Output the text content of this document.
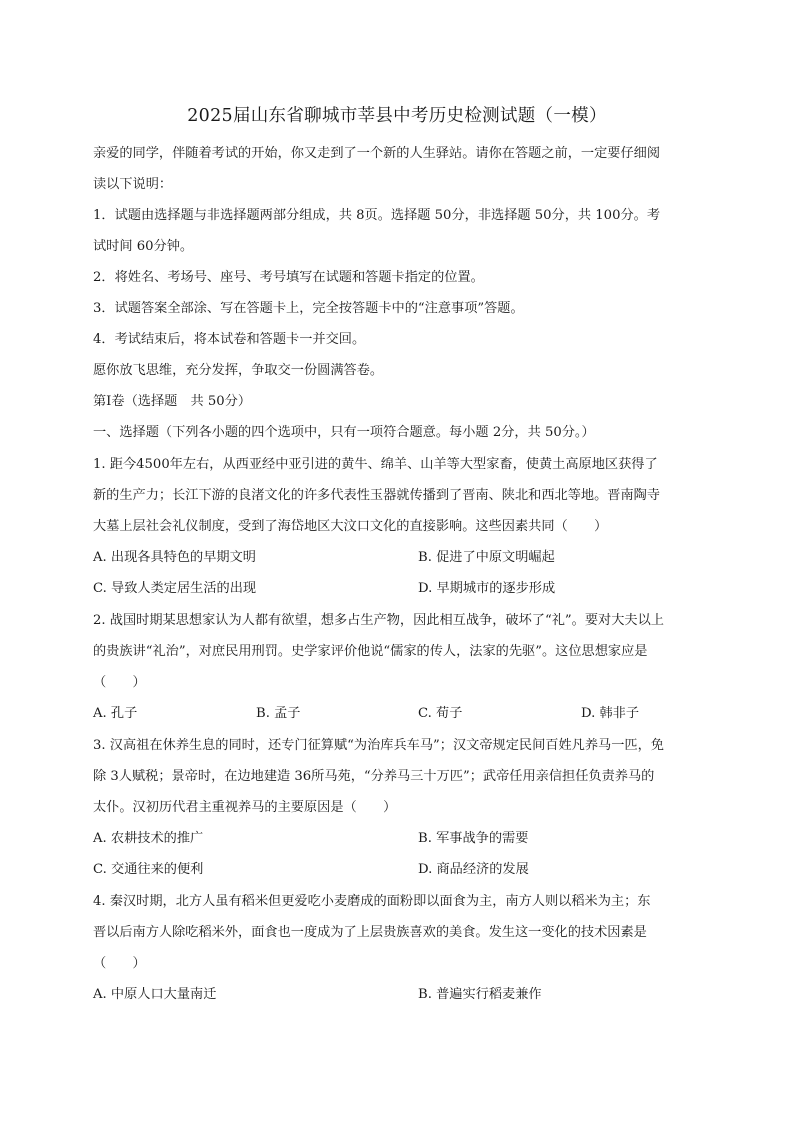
2025届山东省聊城市莘县中考历史检测试题（一模）
亲爱的同学，伴随着考试的开始，你又走到了一个新的人生驿站。请你在答题之前，一定要仔细阅
读以下说明：
1．试题由选择题与非选择题两部分组成，共 8页。选择题 50分，非选择题 50分，共 100分。考
试时间 60分钟。
2．将姓名、考场号、座号、考号填写在试题和答题卡指定的位置。
3．试题答案全部涂、写在答题卡上，完全按答题卡中的“注意事项”答题。
4．考试结束后，将本试卷和答题卡一并交回。
愿你放飞思维，充分发挥，争取交一份圆满答卷。
第Ⅰ卷（选择题　共 50分）
一、选择题（下列各小题的四个选项中，只有一项符合题意。每小题 2分，共 50分。）
1. 距今4500年左右，从西亚经中亚引进的黄牛、绵羊、山羊等大型家畜，使黄土高原地区获得了
新的生产力；长江下游的良渚文化的许多代表性玉器就传播到了晋南、陕北和西北等地。晋南陶寺
大墓上层社会礼仪制度，受到了海岱地区大汶口文化的直接影响。这些因素共同（　　）
A. 出现各具特色的早期文明	B. 促进了中原文明崛起
C. 导致人类定居生活的出现	D. 早期城市的逐步形成
2. 战国时期某思想家认为人都有欲望，想多占生产物，因此相互战争，破坏了“礼”。要对大夫以上
的贵族讲“礼治”，对庶民用刑罚。史学家评价他说“儒家的传人，法家的先驱”。这位思想家应是
（　　）
A. 孔子	B. 孟子	C. 荀子	D. 韩非子
3. 汉高祖在休养生息的同时，还专门征算赋“为治库兵车马”；汉文帝规定民间百姓凡养马一匹，免
除 3人赋税；景帝时，在边地建造 36所马苑，“分养马三十万匹”；武帝任用亲信担任负责养马的
太仆。汉初历代君主重视养马的主要原因是（　　）
A. 农耕技术的推广	B. 军事战争的需要
C. 交通往来的便利	D. 商品经济的发展
4. 秦汉时期，北方人虽有稻米但更爱吃小麦磨成的面粉即以面食为主，南方人则以稻米为主；东
晋以后南方人除吃稻米外，面食也一度成为了上层贵族喜欢的美食。发生这一变化的技术因素是
（　　）
A. 中原人口大量南迁	B. 普遍实行稻麦兼作
